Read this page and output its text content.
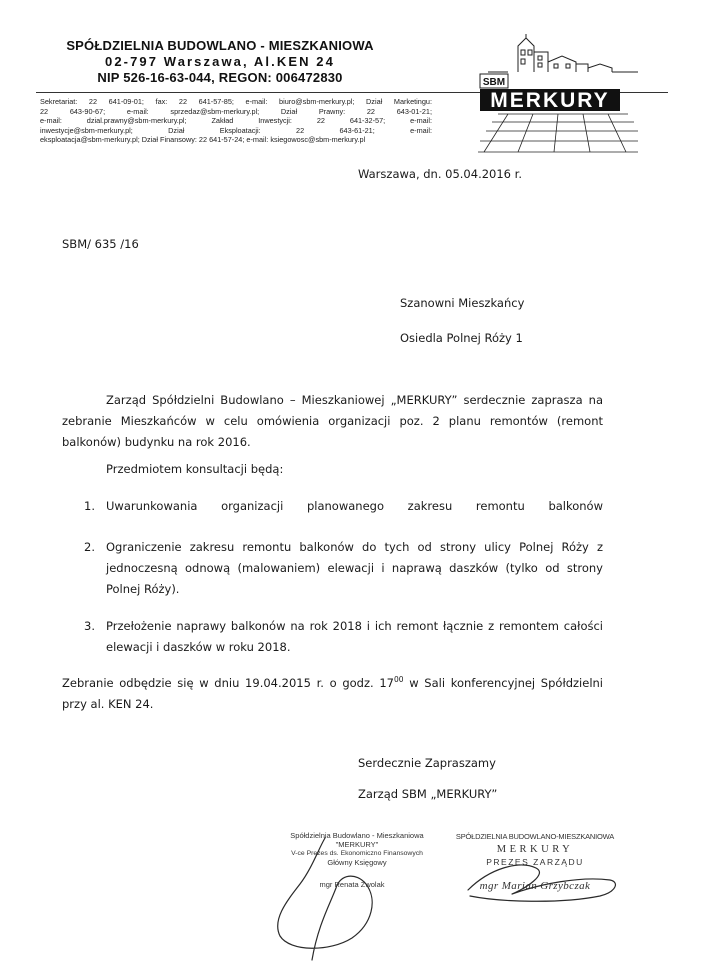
SPÓŁDZIELNIA BUDOWLANO - MIESZKANIOWA
02-797 Warszawa, Al.KEN 24
NIP 526-16-63-044, REGON: 006472830
Sekretariat: 22 641-09-01; fax: 22 641-57-85; e-mail: biuro@sbm-merkury.pl; Dział Marketingu:
22 643-90-67; e-mail: sprzedaz@sbm-merkury.pl; Dział Prawny: 22 643-01-21;
e-mail: dzial.prawny@sbm-merkury.pl; Zakład Inwestycji: 22 641-32-57; e-mail:
inwestycje@sbm-merkury.pl; Dział Eksploatacji: 22 643-61-21; e-mail:
eksploatacja@sbm-merkury.pl; Dział Finansowy: 22 641-57-24; e-mail: ksiegowosc@sbm-merkury.pl
SBM
MERKURY
Warszawa, dn. 05.04.2016 r.
SBM/ 635 /16
Szanowni Mieszkańcy
Osiedla Polnej Róży 1
Zarząd Spółdzielni Budowlano – Mieszkaniowej „MERKURY” serdecznie zaprasza na zebranie Mieszkańców w celu omówienia organizacji poz. 2 planu remontów (remont balkonów) budynku na rok 2016.
Przedmiotem konsultacji będą:
1. Uwarunkowania organizacji planowanego zakresu remontu balkonów
2. Ograniczenie zakresu remontu balkonów do tych od strony ulicy Polnej Róży z jednoczesną odnową (malowaniem) elewacji i naprawą daszków (tylko od strony Polnej Róży).
3. Przełożenie naprawy balkonów na rok 2018 i ich remont łącznie z remontem całości elewacji i daszków w roku 2018.
Zebranie odbędzie się w dniu 19.04.2015 r. o godz. $17^{00}$ w Sali konferencyjnej Spółdzielni przy al. KEN 24.
Serdecznie Zapraszamy
Zarząd SBM „MERKURY”
Spółdzielnia Budowlano - Mieszkaniowa
"MERKURY"
V-ce Prezes ds. Ekonomiczno Finansowych
Główny Księgowy
mgr Renata Zwolak
SPÓŁDZIELNIA BUDOWLANO-MIESZKANIOWA
MERKURY
PREZES ZARZĄDU
mgr Marian Grzybczak
